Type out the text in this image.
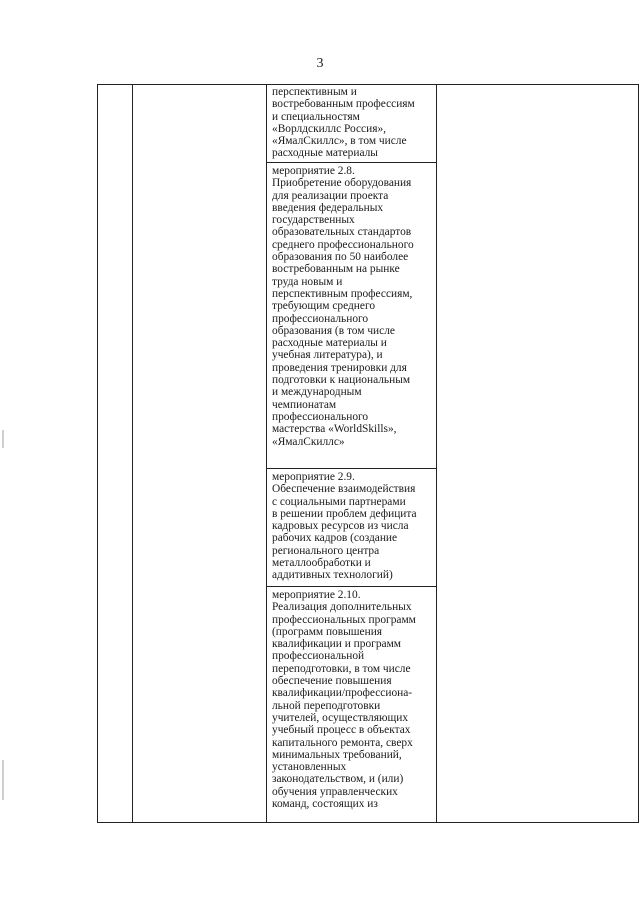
3
перспективным и
востребованным профессиям
и специальностям
«Ворлдскиллс Россия»,
«ЯмалСкиллс», в том числе
расходные материалы
мероприятие 2.8.
Приобретение оборудования
для реализации проекта
введения федеральных
государственных
образовательных стандартов
среднего профессионального
образования по 50 наиболее
востребованным на рынке
труда новым и
перспективным профессиям,
требующим среднего
профессионального
образования (в том числе
расходные материалы и
учебная литература), и
проведения тренировки для
подготовки к национальным
и международным
чемпионатам
профессионального
мастерства «WorldSkills»,
«ЯмалСкиллс»
мероприятие 2.9.
Обеспечение взаимодействия
с социальными партнерами
в решении проблем дефицита
кадровых ресурсов из числа
рабочих кадров (создание
регионального центра
металлообработки и
аддитивных технологий)
мероприятие 2.10.
Реализация дополнительных
профессиональных программ
(программ повышения
квалификации и программ
профессиональной
переподготовки, в том числе
обеспечение повышения
квалификации/профессиона-
льной переподготовки
учителей, осуществляющих
учебный процесс в объектах
капитального ремонта, сверх
минимальных требований,
установленных
законодательством, и (или)
обучения управленческих
команд, состоящих из
